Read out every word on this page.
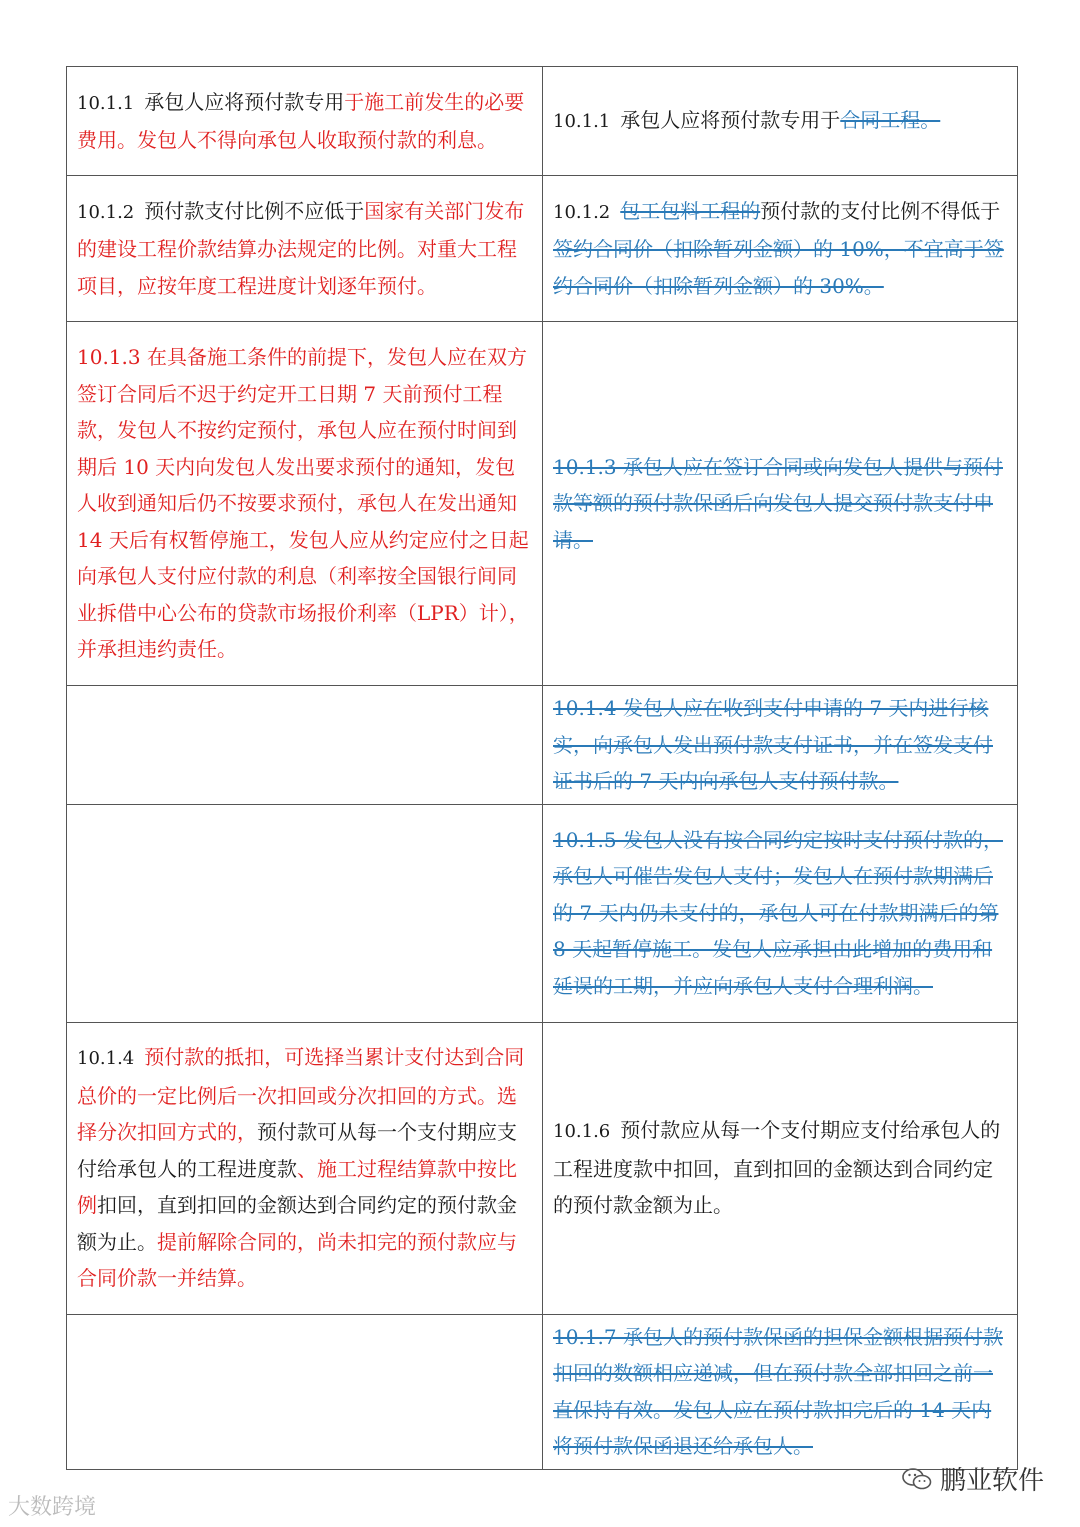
10.1.1 承包人应将预付款专用于施工前发生的必要费用。发包人不得向承包人收取预付款的利息。	10.1.1 承包人应将预付款专用于合同工程。
10.1.2 预付款支付比例不应低于国家有关部门发布的建设工程价款结算办法规定的比例。对重大工程项目，应按年度工程进度计划逐年预付。	10.1.2 包工包料工程的预付款的支付比例不得低于签约合同价（扣除暂列金额）的 10%，不宜高于签约合同价（扣除暂列金额）的 30%。
10.1.3 在具备施工条件的前提下，发包人应在双方签订合同后不迟于约定开工日期 7 天前预付工程款，发包人不按约定预付，承包人应在预付时间到期后 10 天内向发包人发出要求预付的通知，发包人收到通知后仍不按要求预付，承包人在发出通知 14 天后有权暂停施工，发包人应从约定应付之日起向承包人支付应付款的利息（利率按全国银行间同业拆借中心公布的贷款市场报价利率（LPR）计），并承担违约责任。	10.1.3 承包人应在签订合同或向发包人提供与预付款等额的预付款保函后向发包人提交预付款支付申请。
	10.1.4 发包人应在收到支付申请的 7 天内进行核实，向承包人发出预付款支付证书，并在签发支付证书后的 7 天内向承包人支付预付款。
	10.1.5 发包人没有按合同约定按时支付预付款的，承包人可催告发包人支付；发包人在预付款期满后的 7 天内仍未支付的，承包人可在付款期满后的第 8 天起暂停施工。发包人应承担由此增加的费用和延误的工期，并应向承包人支付合理利润。
10.1.4 预付款的抵扣，可选择当累计支付达到合同总价的一定比例后一次扣回或分次扣回的方式。选择分次扣回方式的，预付款可从每一个支付期应支付给承包人的工程进度款、施工过程结算款中按比例扣回，直到扣回的金额达到合同约定的预付款金额为止。提前解除合同的，尚未扣完的预付款应与合同价款一并结算。	10.1.6 预付款应从每一个支付期应支付给承包人的工程进度款中扣回，直到扣回的金额达到合同约定的预付款金额为止。
	10.1.7 承包人的预付款保函的担保金额根据预付款扣回的数额相应递减，但在预付款全部扣回之前一直保持有效。发包人应在预付款扣完后的 14 天内将预付款保函退还给承包人。
大数跨境
鹏业软件
